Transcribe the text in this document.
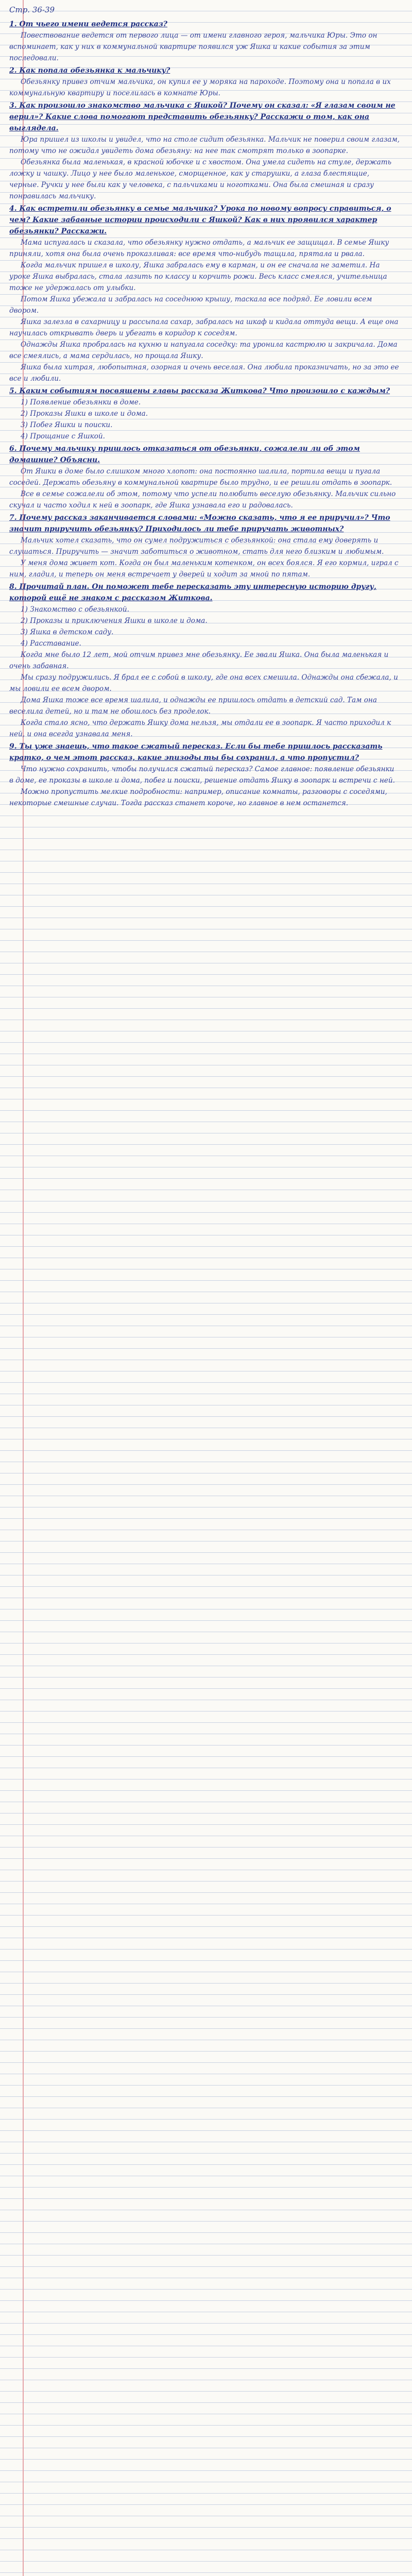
Стр. 36-39

1. От чьего имени ведется рассказ?

Повествование ведется от первого лица — от имени главного героя, мальчика Юры. Это он вспоминает, как у них в коммунальной квартире появился уж Яшка и какие события за этим последовали.

2. Как попала обезьянка к мальчику?

Обезьянку привез отчим мальчика, он купил ее у моряка на пароходе. Поэтому она и попала в их коммунальную квартиру и поселилась в комнате Юры.

3. Как произошло знакомство мальчика с Яшкой? Почему он сказал: «Я глазам своим не верил»? Какие слова помогают представить обезьянку? Расскажи о том, как она выглядела.

Юра пришел из школы и увидел, что на столе сидит обезьянка. Мальчик не поверил своим глазам, потому что не ожидал увидеть дома обезьяну: на нее так смотрят только в зоопарке.

Обезьянка была маленькая, в красной юбочке и с хвостом. Она умела сидеть на стуле, держать ложку и чашку. Лицо у нее было маленькое, сморщенное, как у старушки, а глаза блестящие, черные. Ручки у нее были как у человека, с пальчиками и ноготками. Она была смешная и сразу понравилась мальчику.

4. Как встретили обезьянку в семье мальчика? Урока по новому вопросу справиться, о чем? Какие забавные истории происходили с Яшкой? Как в них проявился характер обезьянки? Расскажи.

Мама испугалась и сказала, что обезьянку нужно отдать, а мальчик ее защищал. В семье Яшку приняли, хотя она была очень проказливая: все время что-нибудь тащила, прятала и рвала.

Когда мальчик пришел в школу, Яшка забралась ему в карман, и он ее сначала не заметил. На уроке Яшка выбралась, стала лазить по классу и корчить рожи. Весь класс смеялся, учительница тоже не удержалась от улыбки.

Потом Яшка убежала и забралась на соседнюю крышу, таскала все подряд. Ее ловили всем двором.

Яшка залезла в сахарницу и рассыпала сахар, забралась на шкаф и кидала оттуда вещи. А еще она научилась открывать дверь и убегать в коридор к соседям.

Однажды Яшка пробралась на кухню и напугала соседку: та уронила кастрюлю и закричала. Дома все смеялись, а мама сердилась, но прощала Яшку.

Яшка была хитрая, любопытная, озорная и очень веселая. Она любила проказничать, но за это ее все и любили.

5. Каким событиям посвящены главы рассказа Житкова? Что произошло с каждым?

1) Появление обезьянки в доме.
2) Проказы Яшки в школе и дома.
3) Побег Яшки и поиски.
4) Прощание с Яшкой.

6. Почему мальчику пришлось отказаться от обезьянки, сожалели ли об этом домашние? Объясни.

От Яшки в доме было слишком много хлопот: она постоянно шалила, портила вещи и пугала соседей. Держать обезьяну в коммунальной квартире было трудно, и ее решили отдать в зоопарк.

Все в семье сожалели об этом, потому что успели полюбить веселую обезьянку. Мальчик сильно скучал и часто ходил к ней в зоопарк, где Яшка узнавала его и радовалась.

7. Почему рассказ заканчивается словами: «Можно сказать, что я ее приручил»? Что значит приручить обезьянку? Приходилось ли тебе приручать животных?

Мальчик хотел сказать, что он сумел подружиться с обезьянкой: она стала ему доверять и слушаться. Приручить — значит заботиться о животном, стать для него близким и любимым.

У меня дома живет кот. Когда он был маленьким котенком, он всех боялся. Я его кормил, играл с ним, гладил, и теперь он меня встречает у дверей и ходит за мной по пятам.

8. Прочитай план. Он поможет тебе пересказать эту интересную историю другу, которой ещё не знаком с рассказом Житкова.

1) Знакомство с обезьянкой.
2) Проказы и приключения Яшки в школе и дома.
3) Яшка в детском саду.
4) Расставание.

Когда мне было 12 лет, мой отчим привез мне обезьянку. Ее звали Яшка. Она была маленькая и очень забавная.

Мы сразу подружились. Я брал ее с собой в школу, где она всех смешила. Однажды она сбежала, и мы ловили ее всем двором.

Дома Яшка тоже все время шалила, и однажды ее пришлось отдать в детский сад. Там она веселила детей, но и там не обошлось без проделок.

Когда стало ясно, что держать Яшку дома нельзя, мы отдали ее в зоопарк. Я часто приходил к ней, и она всегда узнавала меня.

9. Ты уже знаешь, что такое сжатый пересказ. Если бы тебе пришлось рассказать кратко, о чем этот рассказ, какие эпизоды ты бы сохранил, а что пропустил?

Что нужно сохранить, чтобы получился сжатый пересказ? Самое главное: появление обезьянки в доме, ее проказы в школе и дома, побег и поиски, решение отдать Яшку в зоопарк и встречи с ней.

Можно пропустить мелкие подробности: например, описание комнаты, разговоры с соседями, некоторые смешные случаи. Тогда рассказ станет короче, но главное в нем останется.
